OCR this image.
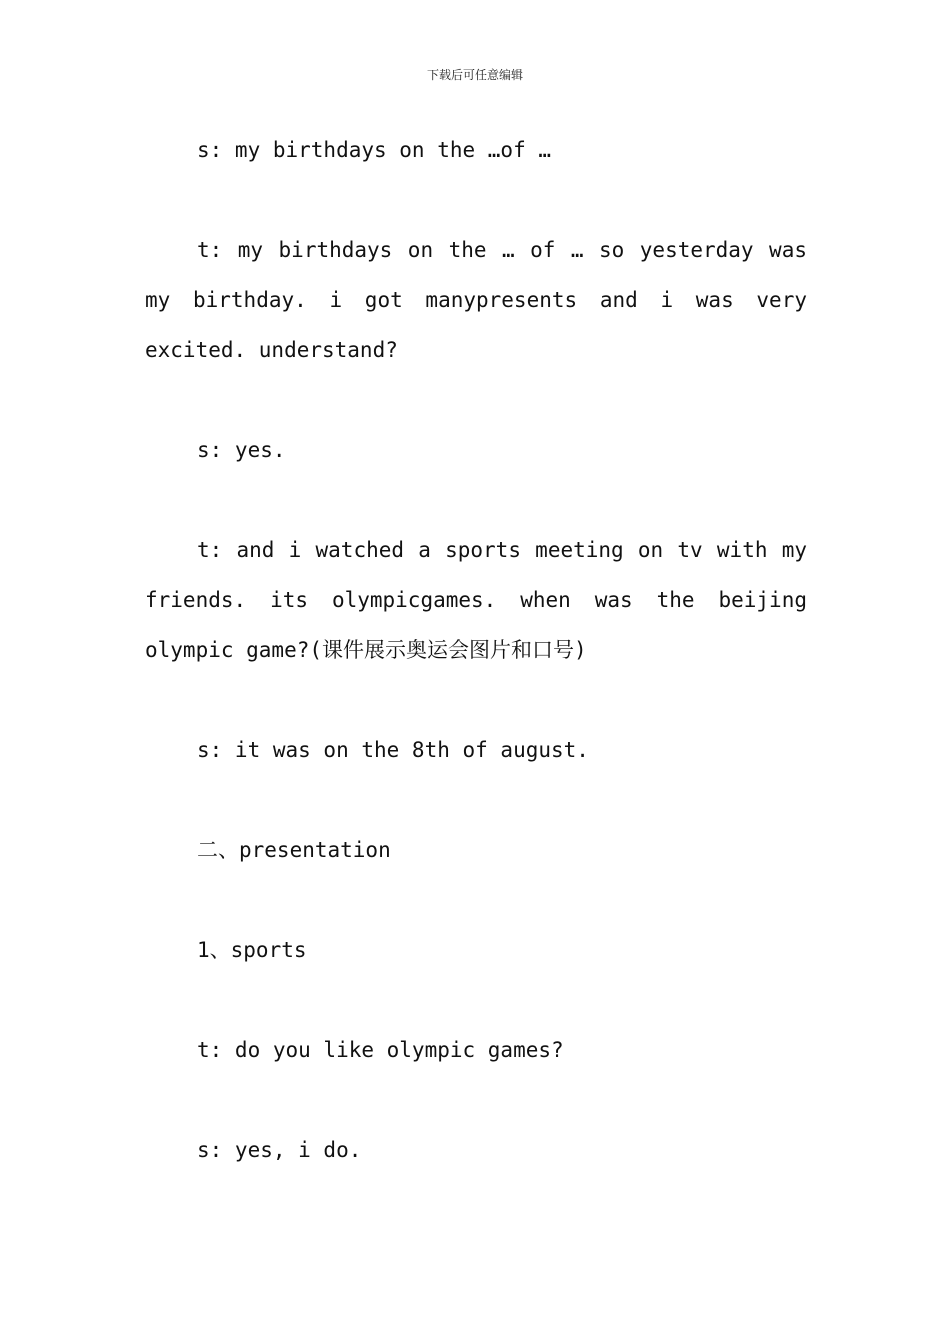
下载后可任意编辑

s: my birthdays on the …of …

t: my birthdays on the … of … so yesterday was my birthday. i got manypresents and i was very excited. understand?

s: yes.

t: and i watched a sports meeting on tv with my friends. its olympicgames. when was the beijing olympic game?(课件展示奥运会图片和口号)

s: it was on the 8th of august.

二、presentation

1、sports

t: do you like olympic games?

s: yes, i do.
